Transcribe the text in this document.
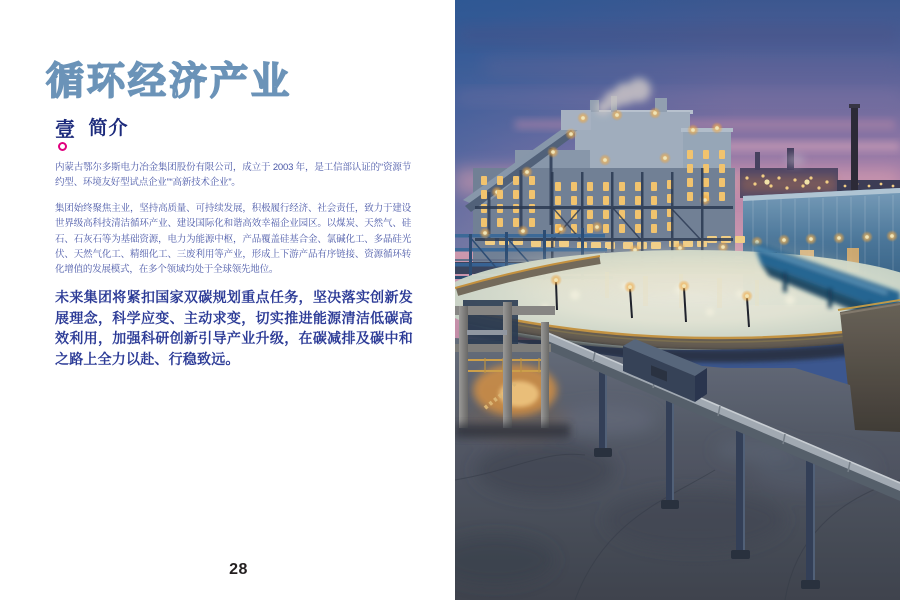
循环经济产业
壹 简介

内蒙古鄂尔多斯电力冶金集团股份有限公司，成立于 2003 年，是工信部认证的“资源节约型、环境友好型试点企业”“高新技术企业”。

集团始终聚焦主业，坚持高质量、可持续发展，积极履行经济、社会责任，致力于建设世界级高科技清洁循环产业、建设国际化和谐高效幸福企业园区。以煤炭、天然气、硅石、石灰石等为基础资源，电力为能源中枢，产品覆盖硅基合金、氯碱化工、多晶硅光伏、天然气化工、精细化工、三废利用等产业，形成上下游产品有序链接、资源循环转化增值的发展模式，在多个领域均处于全球领先地位。

未来集团将紧扣国家双碳规划重点任务，坚决落实创新发展理念，科学应变、主动求变，切实推进能源清洁低碳高效利用，加强科研创新引导产业升级，在碳减排及碳中和之路上全力以赴、行稳致远。

28
